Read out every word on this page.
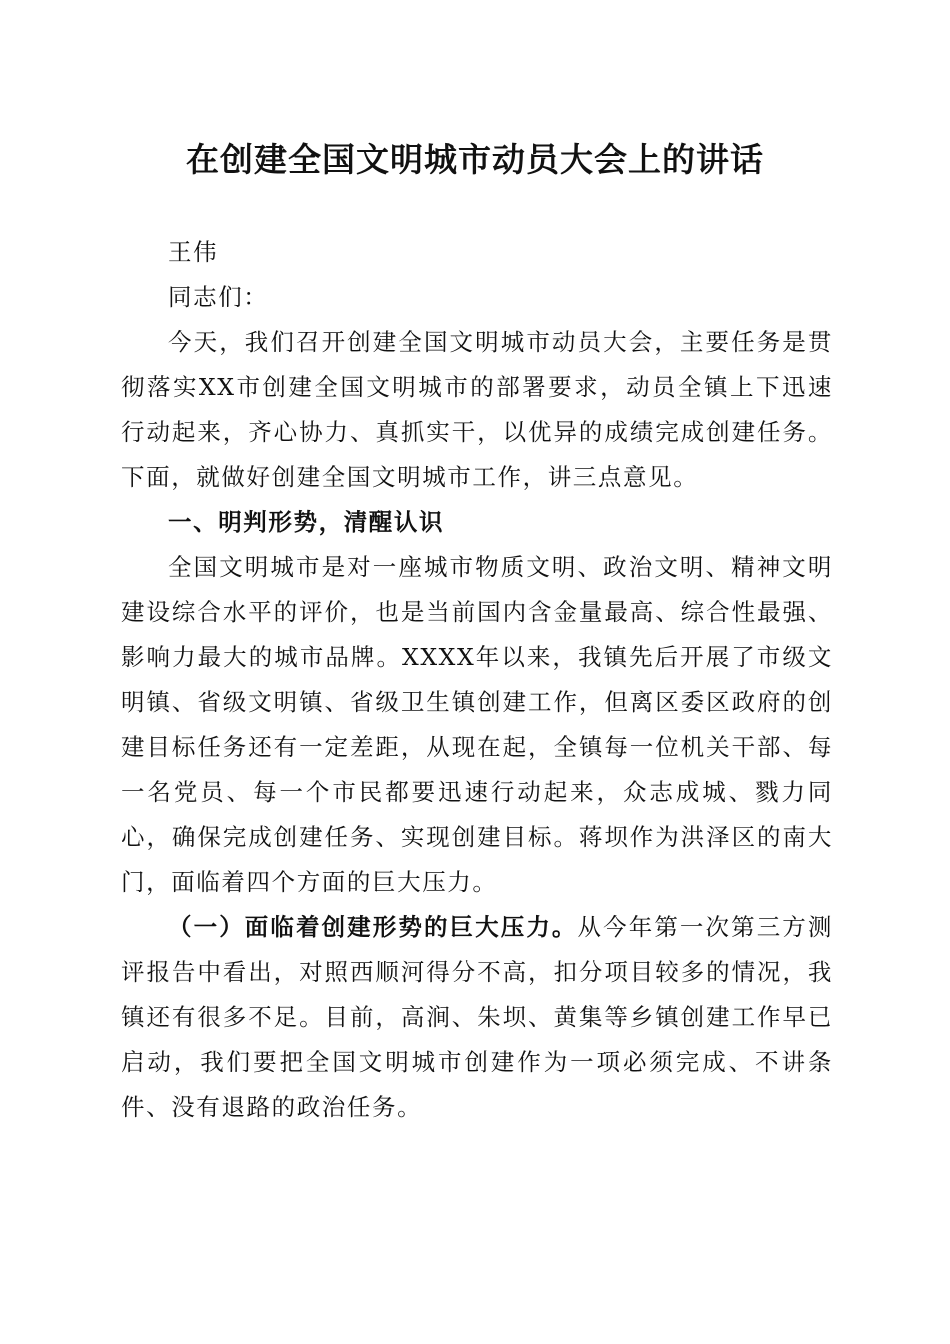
在创建全国文明城市动员大会上的讲话

王伟

同志们：

今天，我们召开创建全国文明城市动员大会，主要任务是贯彻落实XX市创建全国文明城市的部署要求，动员全镇上下迅速行动起来，齐心协力、真抓实干，以优异的成绩完成创建任务。下面，就做好创建全国文明城市工作，讲三点意见。

一、明判形势，清醒认识

全国文明城市是对一座城市物质文明、政治文明、精神文明建设综合水平的评价，也是当前国内含金量最高、综合性最强、影响力最大的城市品牌。XXXX年以来，我镇先后开展了市级文明镇、省级文明镇、省级卫生镇创建工作，但离区委区政府的创建目标任务还有一定差距，从现在起，全镇每一位机关干部、每一名党员、每一个市民都要迅速行动起来，众志成城、戮力同心，确保完成创建任务、实现创建目标。蒋坝作为洪泽区的南大门，面临着四个方面的巨大压力。

（一）面临着创建形势的巨大压力。从今年第一次第三方测评报告中看出，对照西顺河得分不高，扣分项目较多的情况，我镇还有很多不足。目前，高涧、朱坝、黄集等乡镇创建工作早已启动，我们要把全国文明城市创建作为一项必须完成、不讲条件、没有退路的政治任务。
